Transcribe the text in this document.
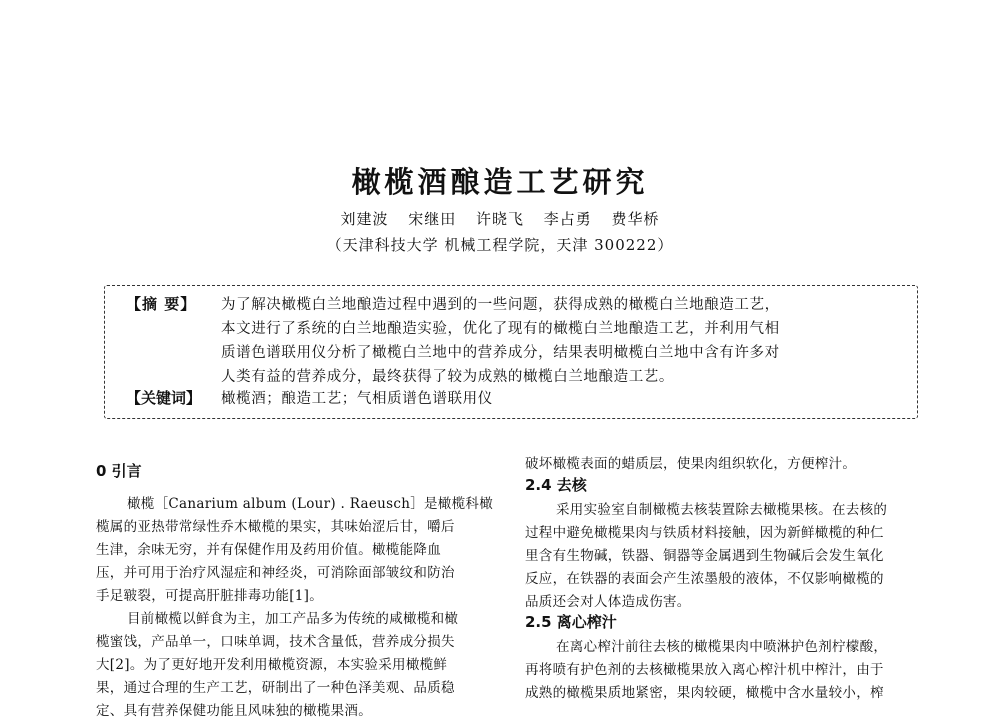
橄榄酒酿造工艺研究
刘建波 宋继田 许晓飞 李占勇 费华桥
（天津科技大学 机械工程学院，天津 300222）
【摘 要】 为了解决橄榄白兰地酿造过程中遇到的一些问题，获得成熟的橄榄白兰地酿造工艺，
本文进行了系统的白兰地酿造实验，优化了现有的橄榄白兰地酿造工艺，并利用气相
质谱色谱联用仪分析了橄榄白兰地中的营养成分，结果表明橄榄白兰地中含有许多对
人类有益的营养成分，最终获得了较为成熟的橄榄白兰地酿造工艺。
【关键词】 橄榄酒；酿造工艺；气相质谱色谱联用仪
0 引言
橄榄［Canarium album (Lour) . Raeusch］是橄榄科橄
榄属的亚热带常绿性乔木橄榄的果实，其味始涩后甘，嚼后
生津，余味无穷，并有保健作用及药用价值。橄榄能降血
压，并可用于治疗风湿症和神经炎，可消除面部皱纹和防治
手足皲裂，可提高肝脏排毒功能[1]。
目前橄榄以鲜食为主，加工产品多为传统的咸橄榄和橄
榄蜜饯，产品单一，口味单调，技术含量低，营养成分损失
大[2]。为了更好地开发利用橄榄资源，本实验采用橄榄鲜
果，通过合理的生产工艺，研制出了一种色泽美观、品质稳
定、具有营养保健功能且风味独的橄榄果酒。
破坏橄榄表面的蜡质层，使果肉组织软化，方便榨汁。
2.4 去核
采用实验室自制橄榄去核装置除去橄榄果核。在去核的
过程中避免橄榄果肉与铁质材料接触，因为新鲜橄榄的种仁
里含有生物碱，铁器、铜器等金属遇到生物碱后会发生氧化
反应，在铁器的表面会产生浓墨般的液体，不仅影响橄榄的
品质还会对人体造成伤害。
2.5 离心榨汁
在离心榨汁前往去核的橄榄果肉中喷淋护色剂柠檬酸，
再将喷有护色剂的去核橄榄果放入离心榨汁机中榨汁，由于
成熟的橄榄果质地紧密，果肉较硬，橄榄中含水量较小，榨
